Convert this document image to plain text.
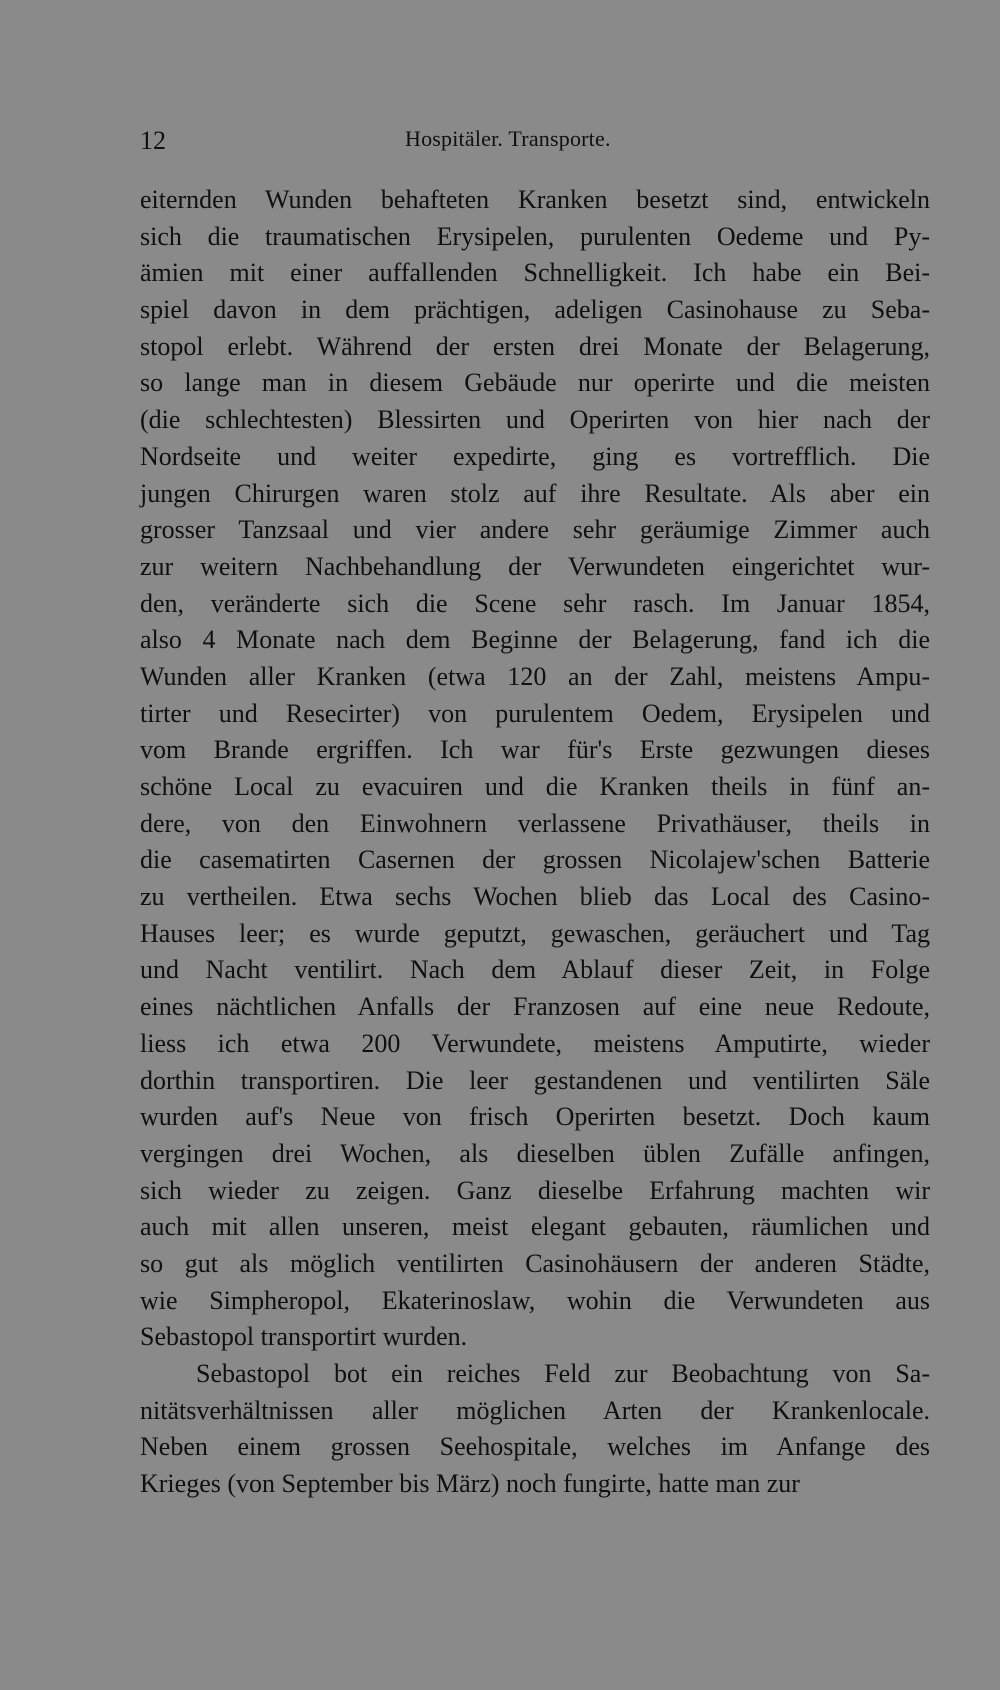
12	Hospitäler. Transporte.
eiternden Wunden behafteten Kranken besetzt sind, entwickeln
sich die traumatischen Erysipelen, purulenten Oedeme und Py-
ämien mit einer auffallenden Schnelligkeit. Ich habe ein Bei-
spiel davon in dem prächtigen, adeligen Casinohause zu Seba-
stopol erlebt. Während der ersten drei Monate der Belagerung,
so lange man in diesem Gebäude nur operirte und die meisten
(die schlechtesten) Blessirten und Operirten von hier nach der
Nordseite und weiter expedirte, ging es vortrefflich. Die
jungen Chirurgen waren stolz auf ihre Resultate. Als aber ein
grosser Tanzsaal und vier andere sehr geräumige Zimmer auch
zur weitern Nachbehandlung der Verwundeten eingerichtet wur-
den, veränderte sich die Scene sehr rasch. Im Januar 1854,
also 4 Monate nach dem Beginne der Belagerung, fand ich die
Wunden aller Kranken (etwa 120 an der Zahl, meistens Ampu-
tirter und Resecirter) von purulentem Oedem, Erysipelen und
vom Brande ergriffen. Ich war für's Erste gezwungen dieses
schöne Local zu evacuiren und die Kranken theils in fünf an-
dere, von den Einwohnern verlassene Privathäuser, theils in
die casematirten Casernen der grossen Nicolajew'schen Batterie
zu vertheilen. Etwa sechs Wochen blieb das Local des Casino-
Hauses leer; es wurde geputzt, gewaschen, geräuchert und Tag
und Nacht ventilirt. Nach dem Ablauf dieser Zeit, in Folge
eines nächtlichen Anfalls der Franzosen auf eine neue Redoute,
liess ich etwa 200 Verwundete, meistens Amputirte, wieder
dorthin transportiren. Die leer gestandenen und ventilirten Säle
wurden auf's Neue von frisch Operirten besetzt. Doch kaum
vergingen drei Wochen, als dieselben üblen Zufälle anfingen,
sich wieder zu zeigen. Ganz dieselbe Erfahrung machten wir
auch mit allen unseren, meist elegant gebauten, räumlichen und
so gut als möglich ventilirten Casinohäusern der anderen Städte,
wie Simpheropol, Ekaterinoslaw, wohin die Verwundeten aus
Sebastopol transportirt wurden.
Sebastopol bot ein reiches Feld zur Beobachtung von Sa-
nitätsverhältnissen aller möglichen Arten der Krankenlocale.
Neben einem grossen Seehospitale, welches im Anfange des
Krieges (von September bis März) noch fungirte, hatte man zur
